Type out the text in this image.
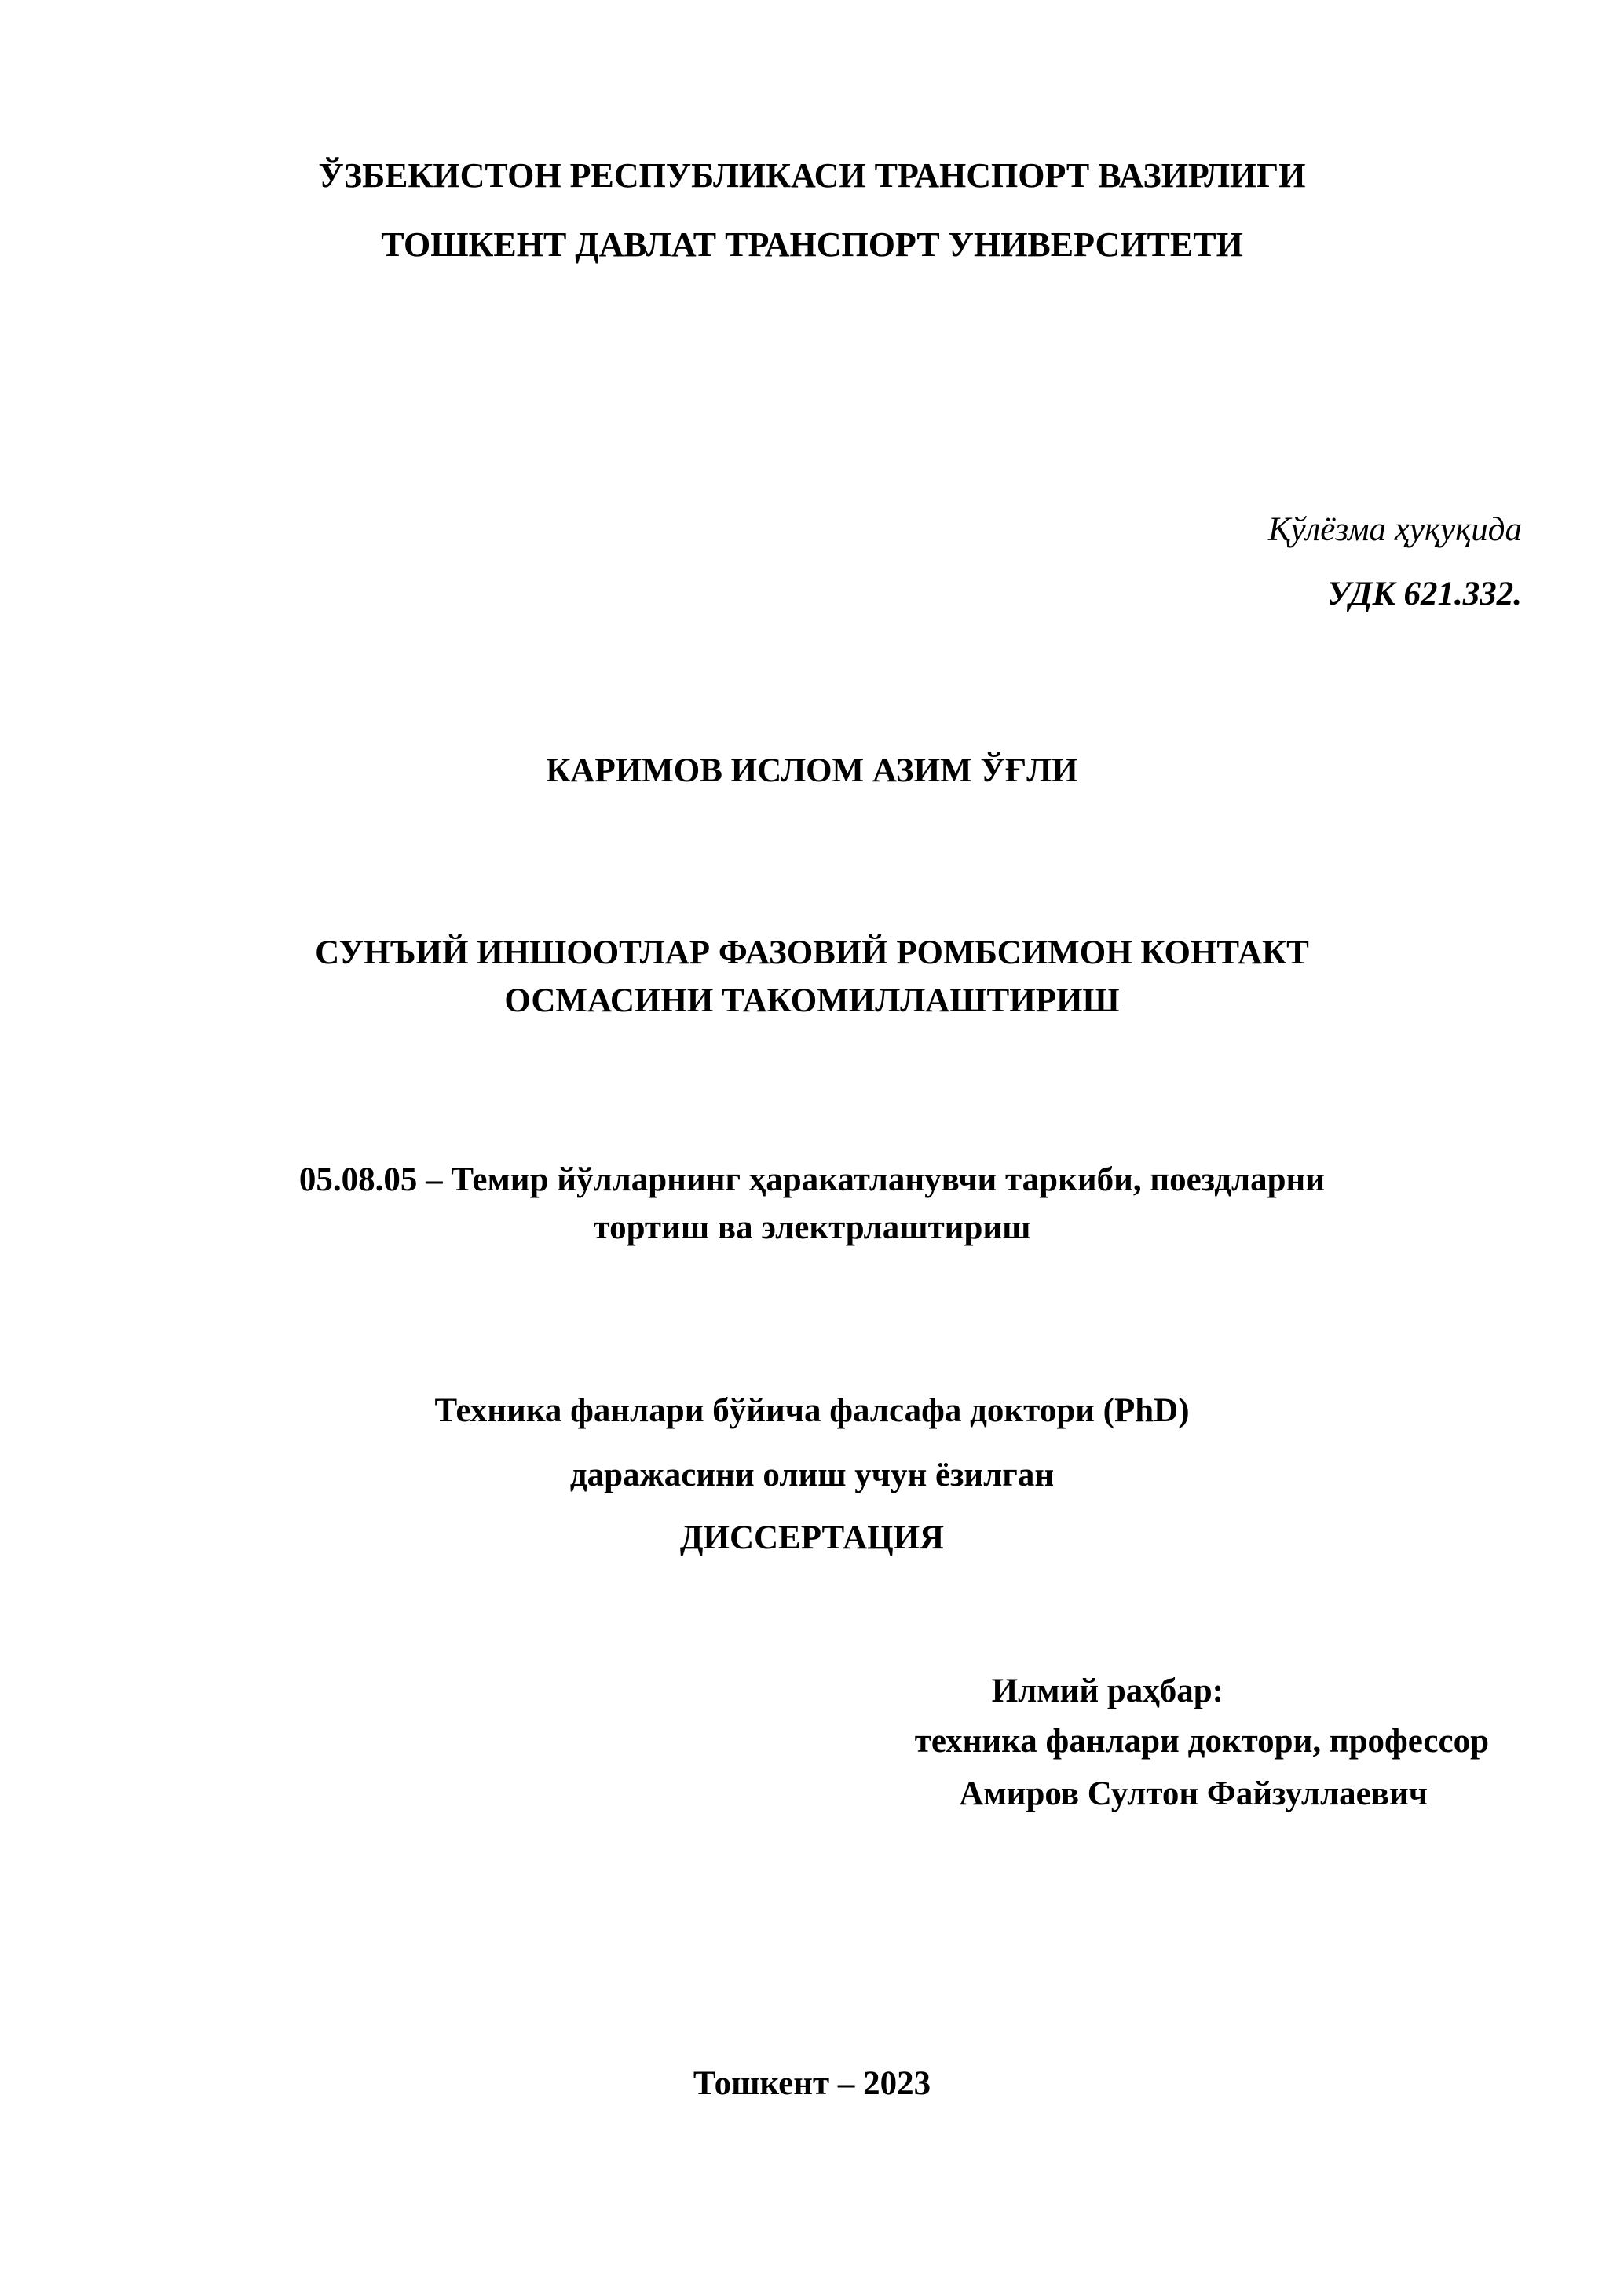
ЎЗБЕКИСТОН РЕСПУБЛИКАСИ ТРАНСПОРТ ВАЗИРЛИГИ
ТОШКЕНТ ДАВЛАТ ТРАНСПОРТ УНИВЕРСИТЕТИ
Қўлёзма ҳуқуқида
УДК 621.332.
КАРИМОВ ИСЛОМ АЗИМ ЎҒЛИ
СУНЪИЙ ИНШООТЛАР ФАЗОВИЙ РОМБСИМОН КОНТАКТ
ОСМАСИНИ ТАКОМИЛЛАШТИРИШ
05.08.05 – Темир йўлларнинг ҳаракатланувчи таркиби, поездларни
тортиш ва электрлаштириш
Техника фанлари бўйича фалсафа доктори (PhD)
даражасини олиш учун ёзилган
ДИССЕРТАЦИЯ
Илмий раҳбар:
техника фанлари доктори, профессор
Амиров Султон Файзуллаевич
Тошкент – 2023
